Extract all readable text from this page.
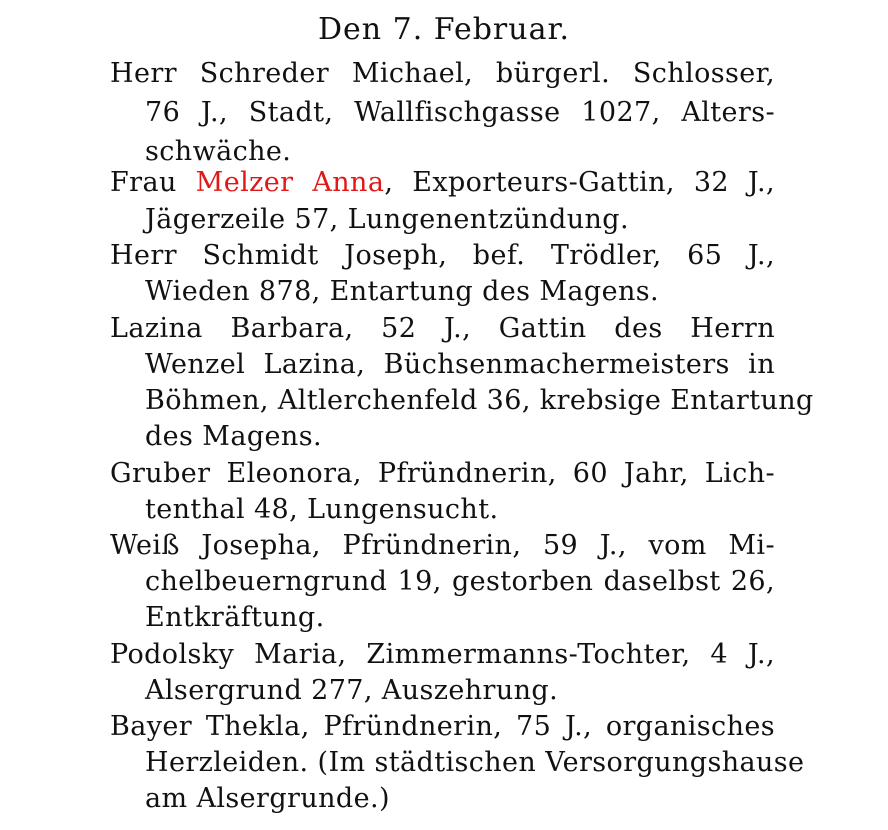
Den 7. Februar.
Herr Schreder Michael, bürgerl. Schlosser,
76 J., Stadt, Wallfischgasse 1027, Alters-
schwäche.
Frau Melzer Anna, Exporteurs-Gattin, 32 J.,
Jägerzeile 57, Lungenentzündung.
Herr Schmidt Joseph, bef. Trödler, 65 J.,
Wieden 878, Entartung des Magens.
Lazina Barbara, 52 J., Gattin des Herrn
Wenzel Lazina, Büchsenmachermeisters in
Böhmen, Altlerchenfeld 36, krebsige Entartung
des Magens.
Gruber Eleonora, Pfründnerin, 60 Jahr, Lich-
tenthal 48, Lungensucht.
Weiß Josepha, Pfründnerin, 59 J., vom Mi-
chelbeuerngrund 19, gestorben daselbst 26,
Entkräftung.
Podolsky Maria, Zimmermanns-Tochter, 4 J.,
Alsergrund 277, Auszehrung.
Bayer Thekla, Pfründnerin, 75 J., organisches
Herzleiden. (Im städtischen Versorgungshause
am Alsergrunde.)
